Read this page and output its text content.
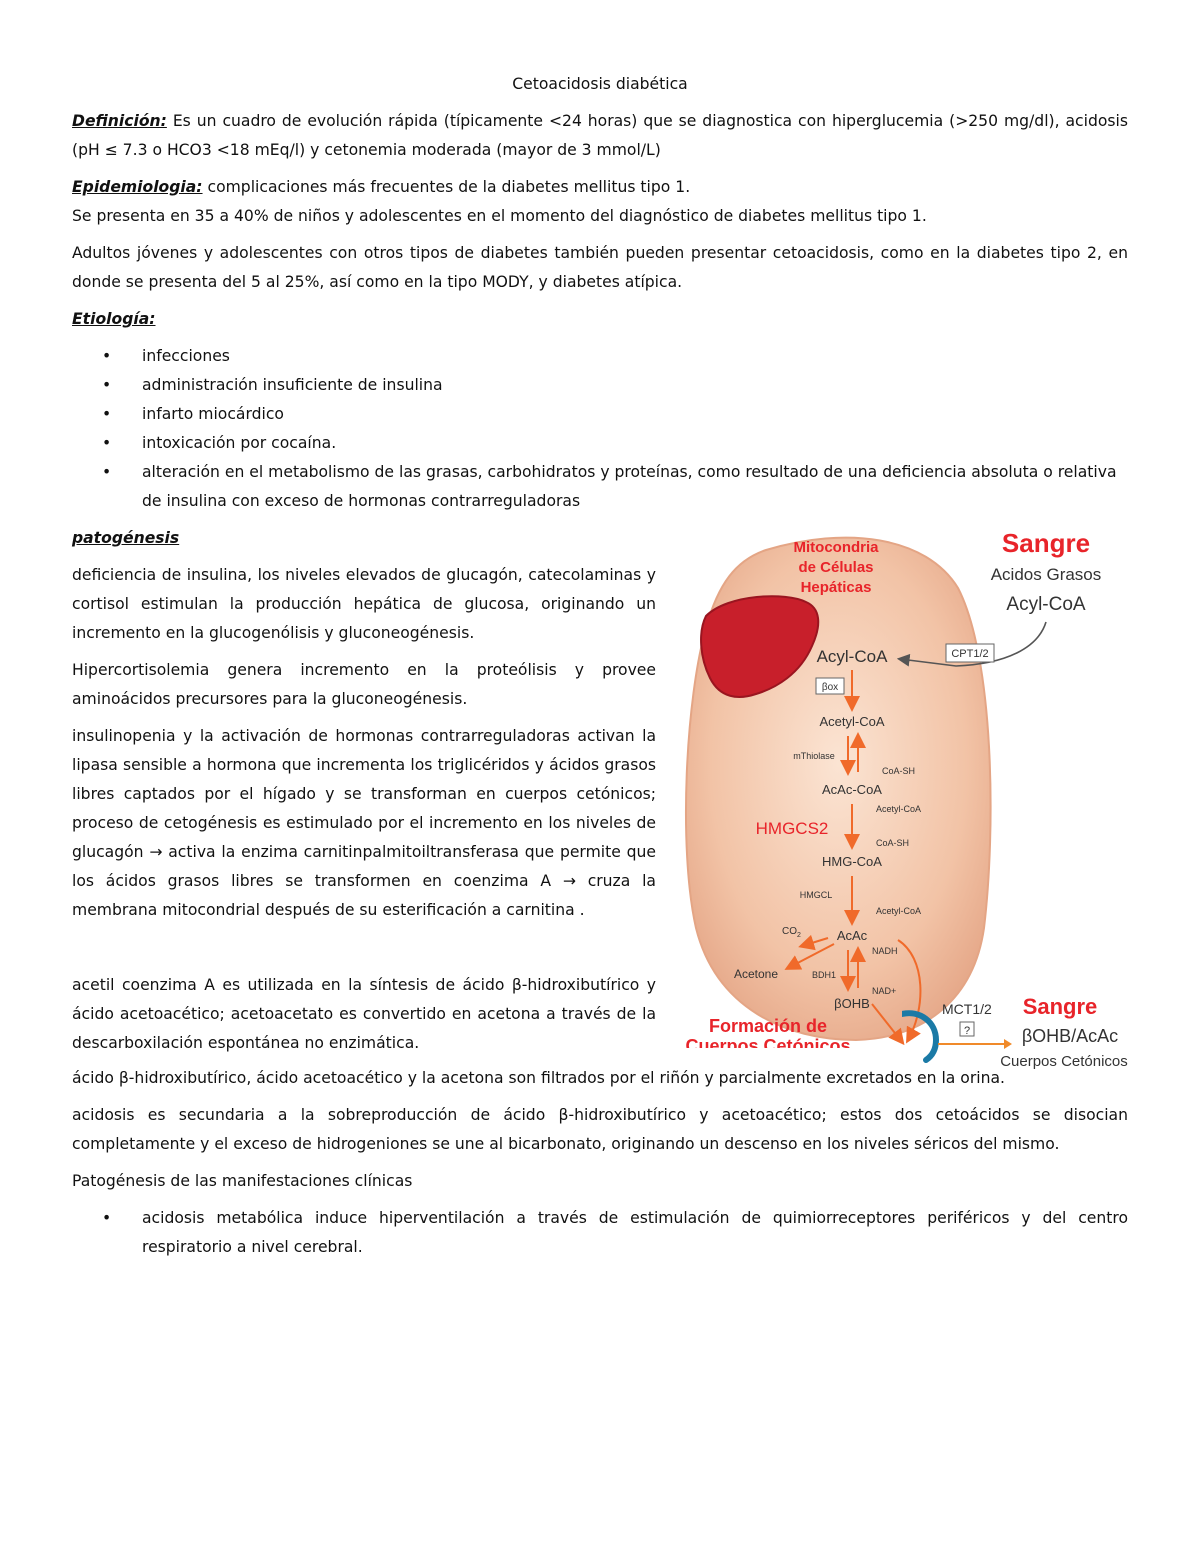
Cetoacidosis diabética

Definición: Es un cuadro de evolución rápida (típicamente <24 horas) que se diagnostica con hiperglucemia (>250 mg/dl), acidosis (pH ≤ 7.3 o HCO3 <18 mEq/l) y cetonemia moderada (mayor de 3 mmol/L)

Epidemiologia: complicaciones más frecuentes de la diabetes mellitus tipo 1.

Se presenta en 35 a 40% de niños y adolescentes en el momento del diagnóstico de diabetes mellitus tipo 1.

Adultos jóvenes y adolescentes con otros tipos de diabetes también pueden presentar cetoacidosis, como en la diabetes tipo 2, en donde se presenta del 5 al 25%, así como en la tipo MODY, y diabetes atípica.

Etiología:

• infecciones
• administración insuficiente de insulina
• infarto miocárdico
• intoxicación por cocaína.
• alteración en el metabolismo de las grasas, carbohidratos y proteínas, como resultado de una deficiencia absoluta o relativa de insulina con exceso de hormonas contrarreguladoras

patogénesis

deficiencia de insulina, los niveles elevados de glucagón, catecolaminas y cortisol estimulan la producción hepática de glucosa, originando un incremento en la glucogenólisis y gluconeogénesis.

Hipercortisolemia genera incremento en la proteólisis y provee aminoácidos precursores para la gluconeogénesis.

insulinopenia y la activación de hormonas contrarreguladoras activan la lipasa sensible a hormona que incrementa los triglicéridos y ácidos grasos libres captados por el hígado y se transforman en cuerpos cetónicos; proceso de cetogénesis es estimulado por el incremento en los niveles de glucagón → activa la enzima carnitinpalmitoiltransferasa que permite que los ácidos grasos libres se transformen en coenzima A → cruza la membrana mitocondrial después de su esterificación a carnitina .

acetil coenzima A es utilizada en la síntesis de ácido β-hidroxibutírico y ácido acetoacético; acetoacetato es convertido en acetona a través de la descarboxilación espontánea no enzimática.

Mitocondria
de Células
Hepáticas
Sangre
Acidos Grasos
Acyl-CoA
CPT1/2
Acyl-CoA
βox
Acetyl-CoA
mThiolase
CoA-SH
AcAc-CoA
Acetyl-CoA
HMGCS2
CoA-SH
HMG-CoA
HMGCL
Acetyl-CoA
$CO_2$	AcAc
NADH
Acetone	BDH1
NAD+
βOHB
Formación de
Cuerpos Cetónicos
MCT1/2
?
Sangre
βOHB/AcAc
Cuerpos Cetónicos

ácido β-hidroxibutírico, ácido acetoacético y la acetona son filtrados por el riñón y parcialmente excretados en la orina.

acidosis es secundaria a la sobreproducción de ácido β-hidroxibutírico y acetoacético; estos dos cetoácidos se disocian completamente y el exceso de hidrogeniones se une al bicarbonato, originando un descenso en los niveles séricos del mismo.

Patogénesis de las manifestaciones clínicas

• acidosis metabólica induce hiperventilación a través de estimulación de quimiorreceptores periféricos y del centro respiratorio a nivel cerebral.
